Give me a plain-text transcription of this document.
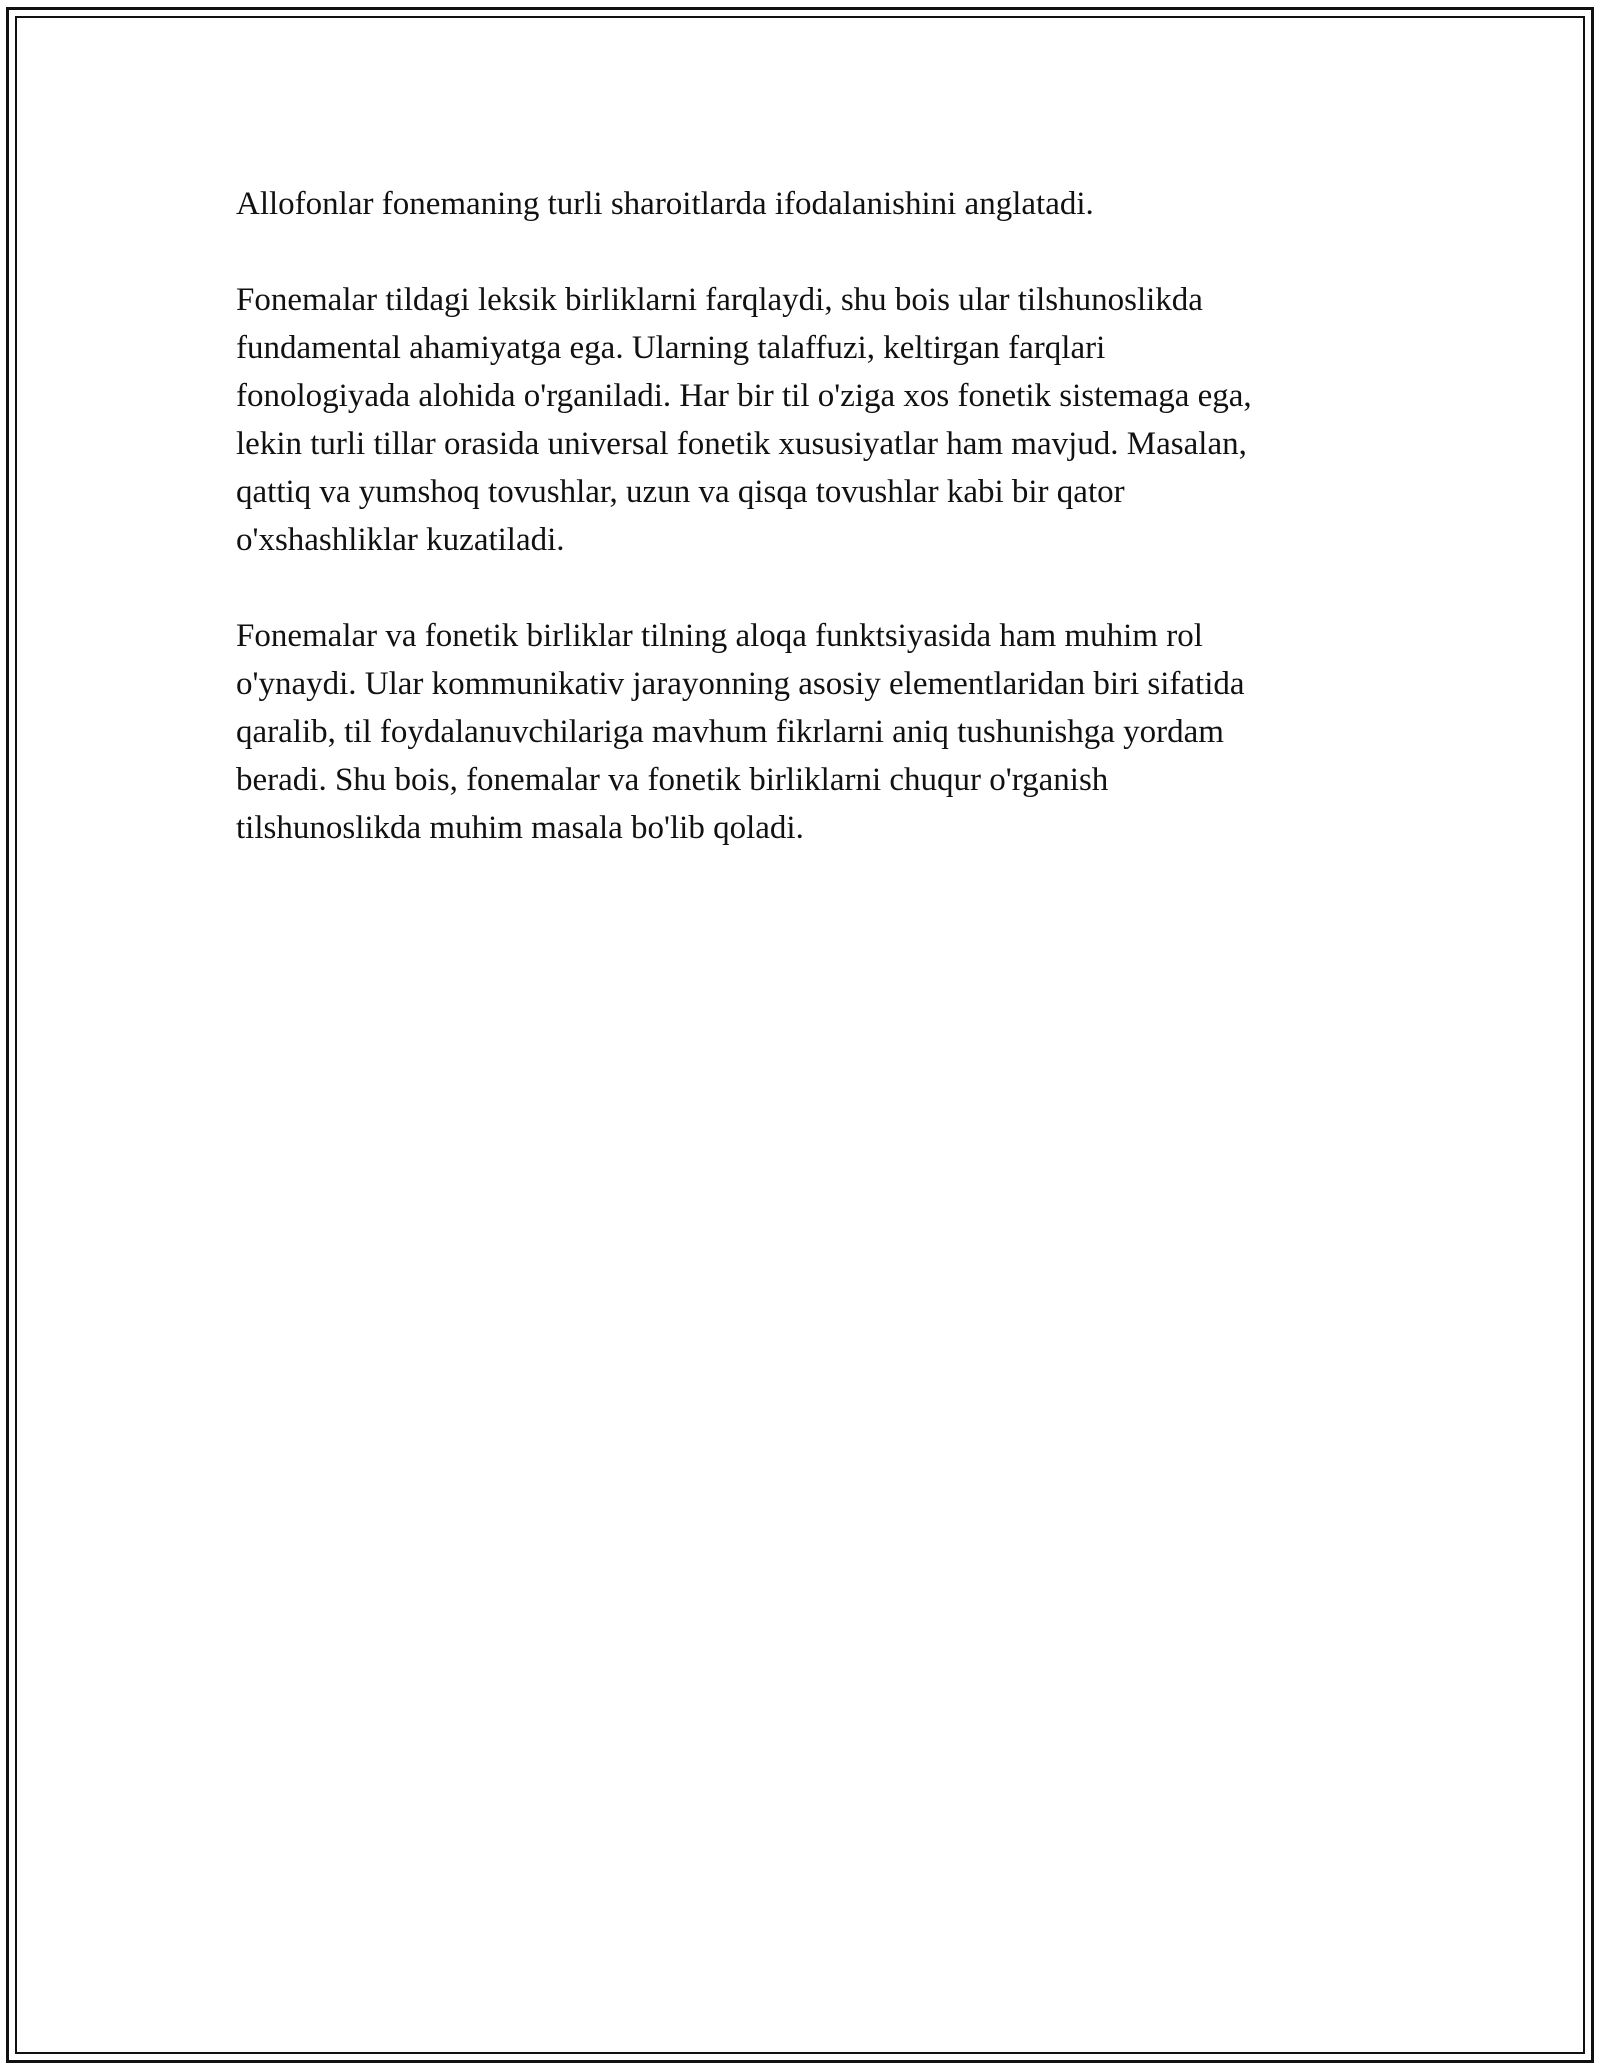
Allofonlar fonemaning turli sharoitlarda ifodalanishini anglatadi.

Fonemalar tildagi leksik birliklarni farqlaydi, shu bois ular tilshunoslikda
fundamental ahamiyatga ega. Ularning talaffuzi, keltirgan farqlari
fonologiyada alohida o'rganiladi. Har bir til o'ziga xos fonetik sistemaga ega,
lekin turli tillar orasida universal fonetik xususiyatlar ham mavjud. Masalan,
qattiq va yumshoq tovushlar, uzun va qisqa tovushlar kabi bir qator
o'xshashliklar kuzatiladi.

Fonemalar va fonetik birliklar tilning aloqa funktsiyasida ham muhim rol
o'ynaydi. Ular kommunikativ jarayonning asosiy elementlaridan biri sifatida
qaralib, til foydalanuvchilariga mavhum fikrlarni aniq tushunishga yordam
beradi. Shu bois, fonemalar va fonetik birliklarni chuqur o'rganish
tilshunoslikda muhim masala bo'lib qoladi.
